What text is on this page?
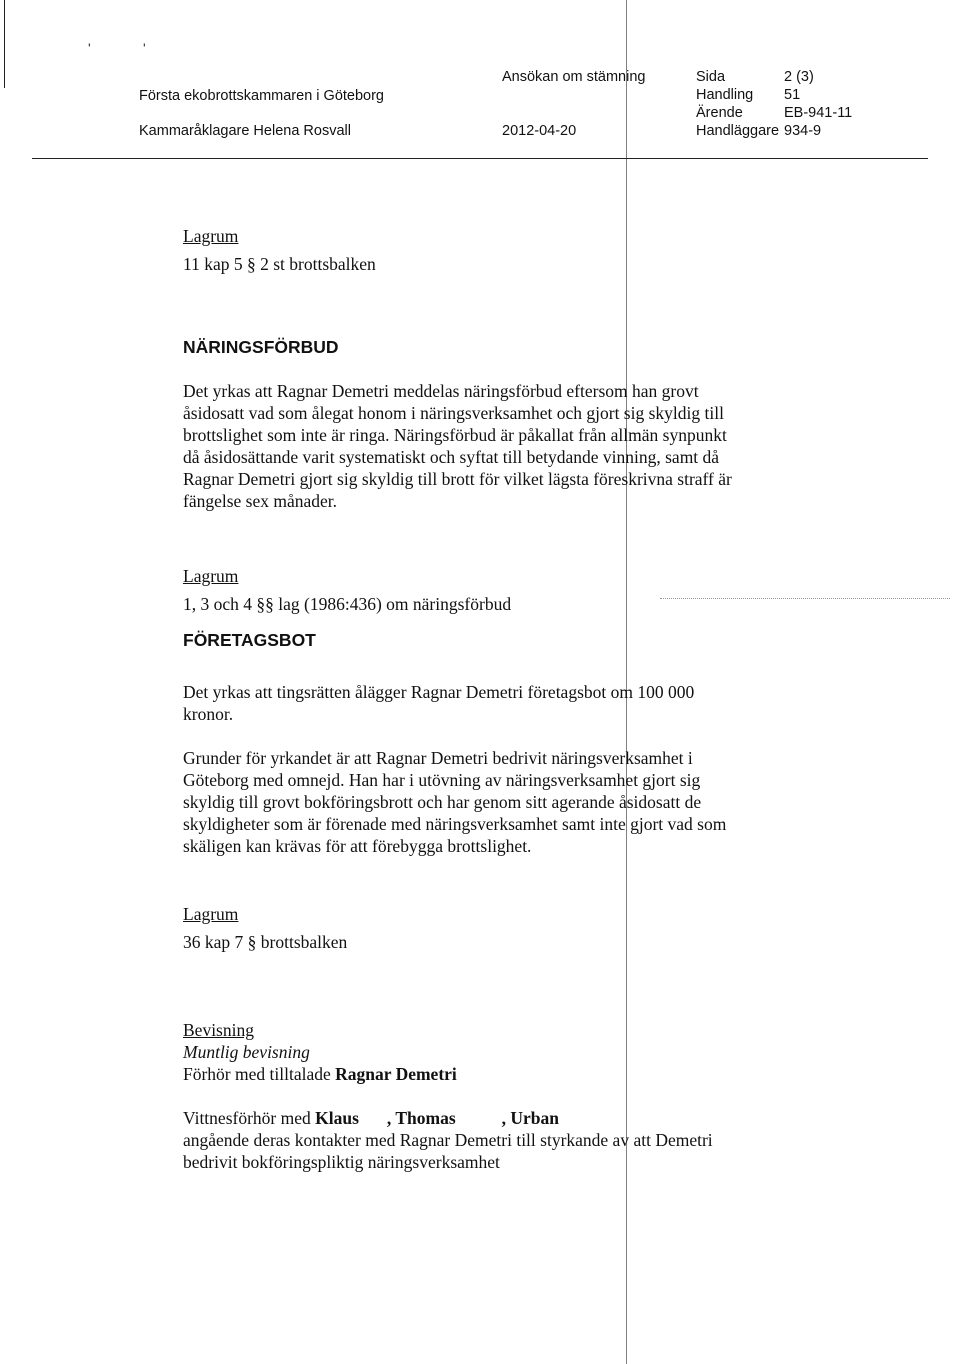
'	'
Första ekobrottskammaren i Göteborg
Kammaråklagare Helena Rosvall
Ansökan om stämning
2012-04-20
Sida	2 (3)
Handling 51
Ärende	EB-941-11
Handläggare 934-9
Lagrum

11 kap 5 § 2 st brottsbalken

NÄRINGSFÖRBUD

Det yrkas att Ragnar Demetri meddelas näringsförbud eftersom han grovt

åsidosatt vad som ålegat honom i näringsverksamhet och gjort sig skyldig till

brottslighet som inte är ringa. Näringsförbud är påkallat från allmän synpunkt

då åsidosättande varit systematiskt och syftat till betydande vinning, samt då

Ragnar Demetri gjort sig skyldig till brott för vilket lägsta föreskrivna straff är

fängelse sex månader.

Lagrum

1, 3 och 4 §§ lag (1986:436) om näringsförbud

FÖRETAGSBOT

Det yrkas att tingsrätten ålägger Ragnar Demetri företagsbot om 100 000

kronor.

Grunder för yrkandet är att Ragnar Demetri bedrivit näringsverksamhet i

Göteborg med omnejd. Han har i utövning av näringsverksamhet gjort sig

skyldig till grovt bokföringsbrott och har genom sitt agerande åsidosatt de

skyldigheter som är förenade med näringsverksamhet samt inte gjort vad som

skäligen kan krävas för att förebygga brottslighet.

Lagrum

36 kap 7 § brottsbalken

Bevisning

Muntlig bevisning

Förhör med tilltalade Ragnar Demetri

Vittnesförhör med Klaus , Thomas	, Urban

angående deras kontakter med Ragnar Demetri till styrkande av att Demetri

bedrivit bokföringspliktig näringsverksamhet
